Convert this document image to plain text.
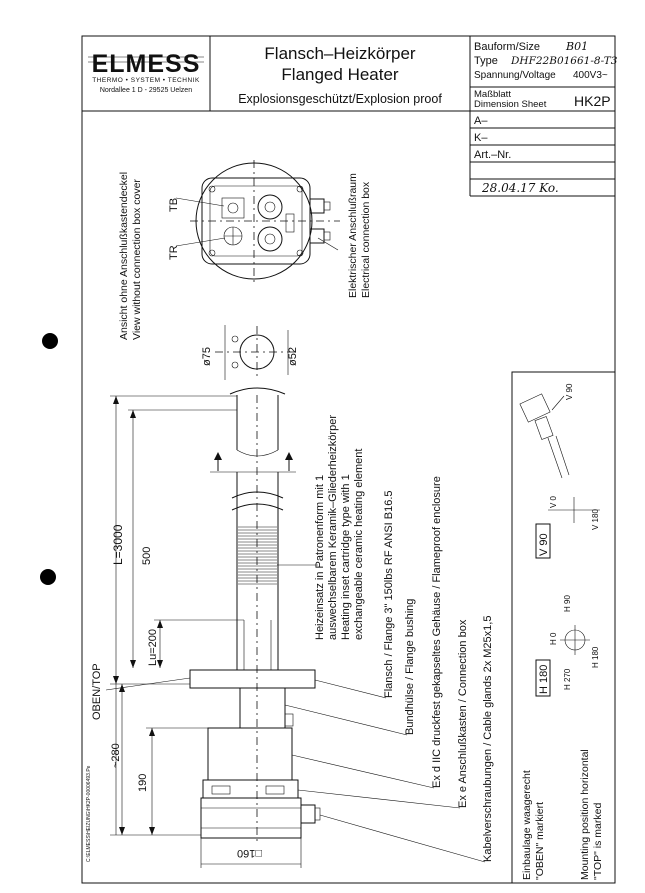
ELMESS
THERMO • SYSTEM • TECHNIK
Nordallee 1 D - 29525 Uelzen
Flansch–Heizkörper
Flanged Heater
Explosionsgeschützt/Explosion proof
Bauform/Size B01
Type DHF22B01661-8-T3
Spannung/Voltage 400V3~
Maßblatt
Dimension Sheet HK2P
A–
K–
Art.–Nr.
28.04.17 Ko.
Ansicht ohne Anschlußkastendeckel View without connection box cover TB
TR	Elektrischer Anschlußraum Electrical connection box
ø75	ø52
L=3000 500
Lu=200
~280
190
□160
OBEN/TOP
Heizeinsatz in Patronenform mit 1 auswechselbarem Keramik–Gliederheizkörper Heating inset cartridge type with 1 exchangeable ceramic heating element Flansch / Flange 3" 150lbs RF ANSI B16.5 Bundhülse / Flange bushing Ex d IIC druckfest gekapseltes Gehäuse / Flameproof enclosure Ex e Anschlußkasten / Connection box Kabelverschraubungen / Cable glands 2x M25x1,5
V 90
V 90
V 0
V 180
H 180
H 0
H 90
H 270
H 180
Einbaulage waagerecht "OBEN" markiert	Mounting position horizontal "TOP" is marked
C:\ELMESS\HEIZUNG\HK2P-00006493.Pe
